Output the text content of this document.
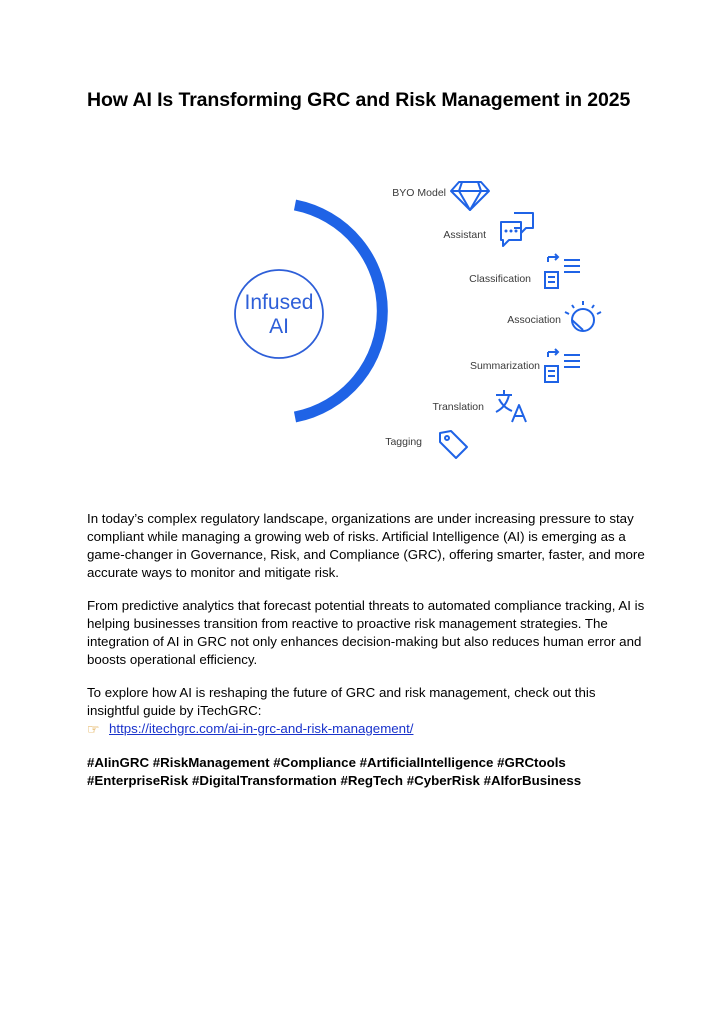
How AI Is Transforming GRC and Risk Management in 2025
Infused
AI
BYO Model
Assistant
Classification
Association
Summarization
Translation
Tagging

In today’s complex regulatory landscape, organizations are under increasing pressure to stay compliant while managing a growing web of risks. Artificial Intelligence (AI) is emerging as a game-changer in Governance, Risk, and Compliance (GRC), offering smarter, faster, and more accurate ways to monitor and mitigate risk.

From predictive analytics that forecast potential threats to automated compliance tracking, AI is helping businesses transition from reactive to proactive risk management strategies. The integration of AI in GRC not only enhances decision-making but also reduces human error and boosts operational efficiency.

To explore how AI is reshaping the future of GRC and risk management, check out this insightful guide by iTechGRC:

☞ https://itechgrc.com/ai-in-grc-and-risk-management/

#AIinGRC #RiskManagement #Compliance #ArtificialIntelligence #GRCtools

#EnterpriseRisk #DigitalTransformation #RegTech #CyberRisk #AIforBusiness
